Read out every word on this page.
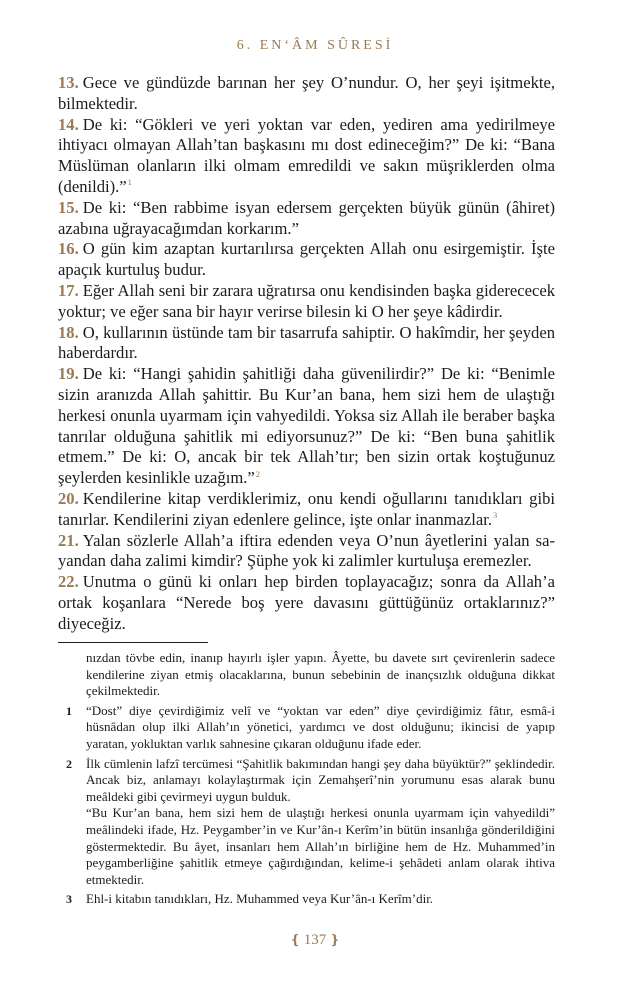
6. EN‘ÂM SÛRESİ

13. Gece ve gündüzde barınan her şey O’nundur. O, her şeyi işitmekte, bilmektedir.

14. De ki: “Gökleri ve yeri yoktan var eden, yediren ama yedirilmeye ihtiyacı olmayan Allah’tan başkasını mı dost edineceğim?” De ki: “Bana Müslüman olanların ilki olmam emredildi ve sakın müşriklerden olma (denildi).”$^1$

15. De ki: “Ben rabbime isyan edersem gerçekten büyük günün (âhiret) azabına uğrayacağımdan korkarım.”

16. O gün kim azaptan kurtarılırsa gerçekten Allah onu esirgemiştir. İşte apaçık kurtuluş budur.

17. Eğer Allah seni bir zarara uğratırsa onu kendisinden başka giderececek yoktur; ve eğer sana bir hayır verirse bilesin ki O her şeye kâdirdir.

18. O, kullarının üstünde tam bir tasarrufa sahiptir. O hakîmdir, her şeyden haberdardır.

19. De ki: “Hangi şahidin şahitliği daha güvenilirdir?” De ki: “Benimle sizin aranızda Allah şahittir. Bu Kur’an bana, hem sizi hem de ulaştığı herkesi onunla uyarmam için vahyedildi. Yoksa siz Allah ile beraber başka tanrılar olduğuna şahitlik mi ediyorsunuz?” De ki: “Ben buna şahitlik etmem.” De ki: O, ancak bir tek Allah’tır; ben sizin ortak koştuğunuz şeylerden kesinlikle uzağım.”$^2$

20. Kendilerine kitap verdiklerimiz, onu kendi oğullarını tanıdıkları gibi tanırlar. Kendilerini ziyan edenlere gelince, işte onlar inanmazlar.$^3$

21. Yalan sözlerle Allah’a iftira edenden veya O’nun âyetlerini yalan sayandan daha zalimi kimdir? Şüphe yok ki zalimler kurtuluşa eremezler.

22. Unutma o günü ki onları hep birden toplayacağız; sonra da Allah’a ortak koşanlara “Nerede boş yere davasını güttüğünüz ortaklarınız?” diyeceğiz.

nızdan tövbe edin, inanıp hayırlı işler yapın. Âyette, bu davete sırt çevirenlerin sadece kendilerine ziyan etmiş olacaklarına, bunun sebebinin de inançsızlık olduğuna dikkat çekilmektedir.

1 “Dost” diye çevirdiğimiz velî ve “yoktan var eden” diye çevirdiğimiz fâtır, esmâ-i hüsnâdan olup ilki Allah’ın yönetici, yardımcı ve dost olduğunu; ikincisi de yapıp yaratan, yokluktan varlık sahnesine çıkaran olduğunu ifade eder.

2 İlk cümlenin lafzî tercümesi “Şahitlik bakımından hangi şey daha büyüktür?” şeklindedir. Ancak biz, anlamayı kolaylaştırmak için Zemahşerî’nin yorumunu esas alarak bunu meâldeki gibi çevirmeyi uygun bulduk.

“Bu Kur’an bana, hem sizi hem de ulaştığı herkesi onunla uyarmam için vahyedildi” meâlindeki ifade, Hz. Peygamber’in ve Kur’ân-ı Kerîm’in bütün insanlığa gönderildiğini göstermektedir. Bu âyet, insanları hem Allah’ın birliğine hem de Hz. Muhammed’in peygamberliğine şahitlik etmeye çağırdığından, kelime-i şehâdeti anlam olarak ihtiva etmektedir.

3 Ehl-i kitabın tanıdıkları, Hz. Muhammed veya Kur’ân-ı Kerîm’dir.

❴ 137 ❵
